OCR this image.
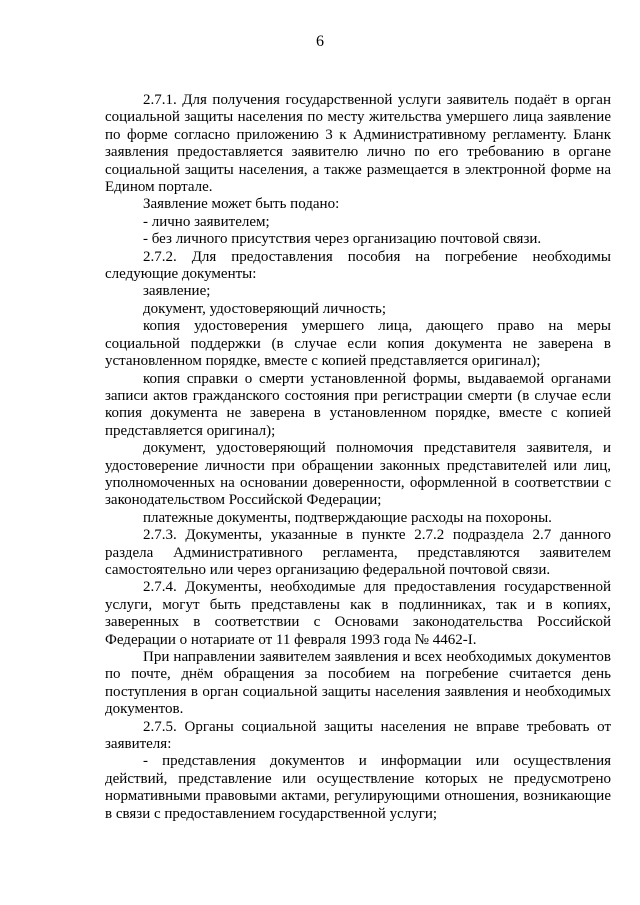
6

2.7.1. Для получения государственной услуги заявитель подаёт в орган социальной защиты населения по месту жительства умершего лица заявление по форме согласно приложению 3 к Административному регламенту. Бланк заявления предоставляется заявителю лично по его требованию в органе социальной защиты населения, а также размещается в электронной форме на Едином портале.

Заявление может быть подано:

- лично заявителем;

- без личного присутствия через организацию почтовой связи.

2.7.2. Для предоставления пособия на погребение необходимы следующие документы:

заявление;

документ, удостоверяющий личность;

копия удостоверения умершего лица, дающего право на меры социальной поддержки (в случае если копия документа не заверена в установленном порядке, вместе с копией представляется оригинал);

копия справки о смерти установленной формы, выдаваемой органами записи актов гражданского состояния при регистрации смерти (в случае если копия документа не заверена в установленном порядке, вместе с копией представляется оригинал);

документ, удостоверяющий полномочия представителя заявителя, и удостоверение личности при обращении законных представителей или лиц, уполномоченных на основании доверенности, оформленной в соответствии с законодательством Российской Федерации;

платежные документы, подтверждающие расходы на похороны.

2.7.3. Документы, указанные в пункте 2.7.2 подраздела 2.7 данного раздела Административного регламента, представляются заявителем самостоятельно или через организацию федеральной почтовой связи.

2.7.4. Документы, необходимые для предоставления государственной услуги, могут быть представлены как в подлинниках, так и в копиях, заверенных в соответствии с Основами законодательства Российской Федерации о нотариате от 11 февраля 1993 года № 4462-I.

При направлении заявителем заявления и всех необходимых документов по почте, днём обращения за пособием на погребение считается день поступления в орган социальной защиты населения заявления и необходимых документов.

2.7.5. Органы социальной защиты населения не вправе требовать от заявителя:

- представления документов и информации или осуществления действий, представление или осуществление которых не предусмотрено нормативными правовыми актами, регулирующими отношения, возникающие в связи с предоставлением государственной услуги;
